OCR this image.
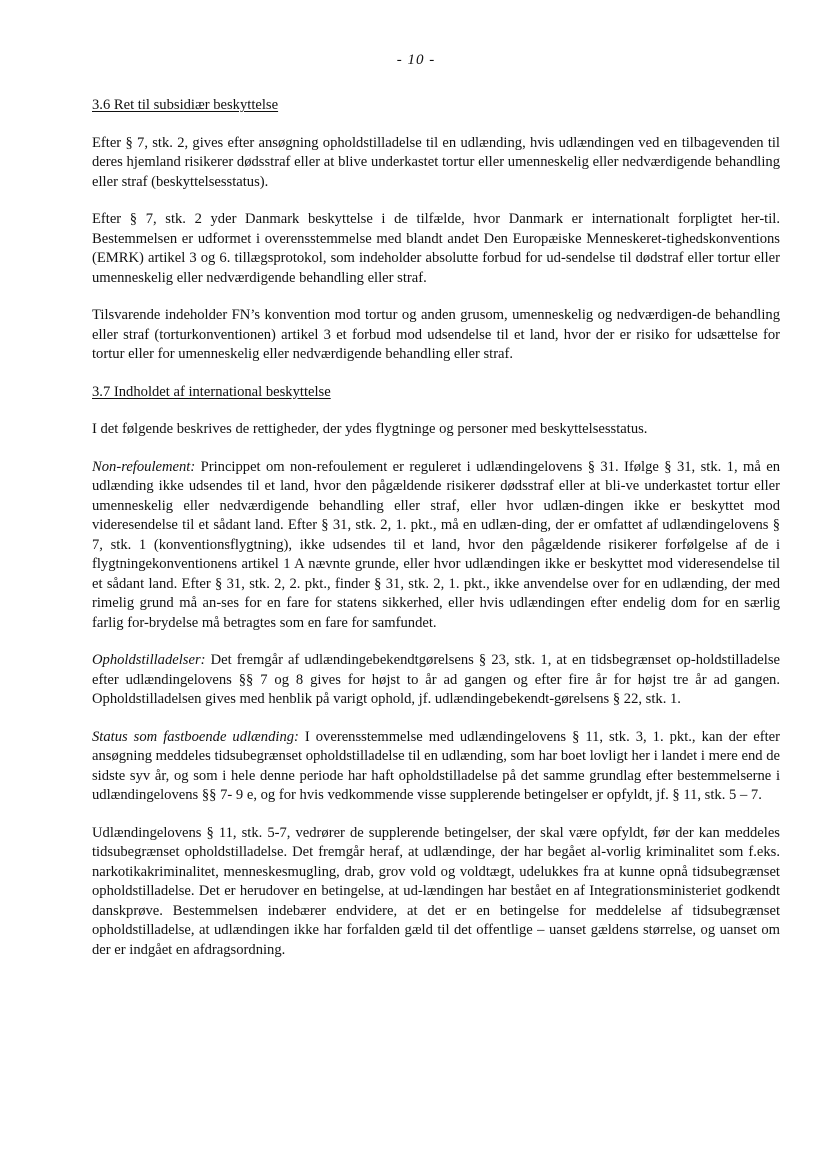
- 10 -
3.6 Ret til subsidiær beskyttelse

Efter § 7, stk. 2, gives efter ansøgning opholdstilladelse til en udlænding, hvis udlændingen ved en tilbagevenden til deres hjemland risikerer dødsstraf eller at blive underkastet tortur eller umenneskelig eller nedværdigende behandling eller straf (beskyttelsesstatus).

Efter § 7, stk. 2 yder Danmark beskyttelse i de tilfælde, hvor Danmark er internationalt forpligtet her-til. Bestemmelsen er udformet i overensstemmelse med blandt andet Den Europæiske Menneskeret-tighedskonventions (EMRK) artikel 3 og 6. tillægsprotokol, som indeholder absolutte forbud for ud-sendelse til dødstraf eller tortur eller umenneskelig eller nedværdigende behandling eller straf.

Tilsvarende indeholder FN’s konvention mod tortur og anden grusom, umenneskelig og nedværdigen-de behandling eller straf (torturkonventionen) artikel 3 et forbud mod udsendelse til et land, hvor der er risiko for udsættelse for tortur eller for umenneskelig eller nedværdigende behandling eller straf.

3.7 Indholdet af international beskyttelse

I det følgende beskrives de rettigheder, der ydes flygtninge og personer med beskyttelsesstatus.

Non-refoulement: Princippet om non-refoulement er reguleret i udlændingelovens § 31. Ifølge § 31, stk. 1, må en udlænding ikke udsendes til et land, hvor den pågældende risikerer dødsstraf eller at bli-ve underkastet tortur eller umenneskelig eller nedværdigende behandling eller straf, eller hvor udlæn-dingen ikke er beskyttet mod videresendelse til et sådant land. Efter § 31, stk. 2, 1. pkt., må en udlæn-ding, der er omfattet af udlændingelovens § 7, stk. 1 (konventionsflygtning), ikke udsendes til et land, hvor den pågældende risikerer forfølgelse af de i flygtningekonventionens artikel 1 A nævnte grunde, eller hvor udlændingen ikke er beskyttet mod videresendelse til et sådant land. Efter § 31, stk. 2, 2. pkt., finder § 31, stk. 2, 1. pkt., ikke anvendelse over for en udlænding, der med rimelig grund må an-ses for en fare for statens sikkerhed, eller hvis udlændingen efter endelig dom for en særlig farlig for-brydelse må betragtes som en fare for samfundet.

Opholdstilladelser: Det fremgår af udlændingebekendtgørelsens § 23, stk. 1, at en tidsbegrænset op-holdstilladelse efter udlændingelovens §§ 7 og 8 gives for højst to år ad gangen og efter fire år for højst tre år ad gangen. Opholdstilladelsen gives med henblik på varigt ophold, jf. udlændingebekendt-gørelsens § 22, stk. 1.

Status som fastboende udlænding: I overensstemmelse med udlændingelovens § 11, stk. 3, 1. pkt., kan der efter ansøgning meddeles tidsubegrænset opholdstilladelse til en udlænding, som har boet lovligt her i landet i mere end de sidste syv år, og som i hele denne periode har haft opholdstilladelse på det samme grundlag efter bestemmelserne i udlændingelovens §§ 7- 9 e, og for hvis vedkommende visse supplerende betingelser er opfyldt, jf. § 11, stk. 5 – 7.

Udlændingelovens § 11, stk. 5-7, vedrører de supplerende betingelser, der skal være opfyldt, før der kan meddeles tidsubegrænset opholdstilladelse. Det fremgår heraf, at udlændinge, der har begået al-vorlig kriminalitet som f.eks. narkotikakriminalitet, menneskesmugling, drab, grov vold og voldtægt, udelukkes fra at kunne opnå tidsubegrænset opholdstilladelse. Det er herudover en betingelse, at ud-lændingen har bestået en af Integrationsministeriet godkendt danskprøve. Bestemmelsen indebærer endvidere, at det er en betingelse for meddelelse af tidsubegrænset opholdstilladelse, at udlændingen ikke har forfalden gæld til det offentlige – uanset gældens størrelse, og uanset om der er indgået en afdragsordning.
